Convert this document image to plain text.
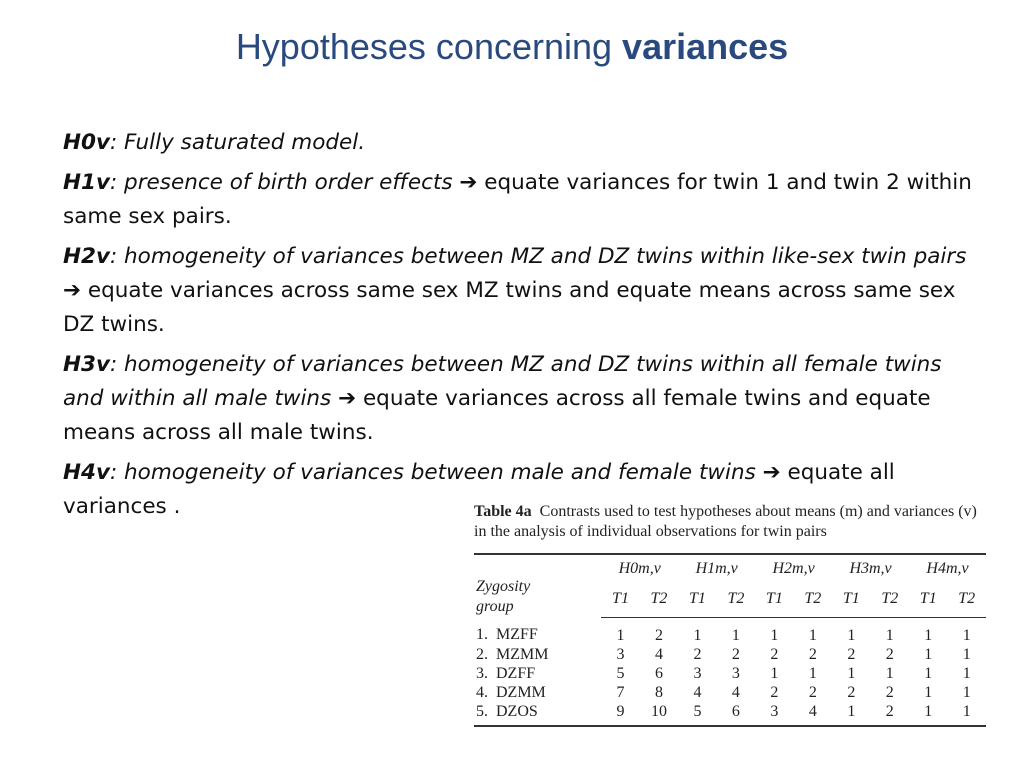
Hypotheses concerning variances

H0v: Fully saturated model.

H1v: presence of birth order effects ➔ equate variances for twin 1 and twin 2 within same sex pairs.

H2v: homogeneity of variances between MZ and DZ twins within like-sex twin pairs ➔ equate variances across same sex MZ twins and equate means across same sex DZ twins.

H3v: homogeneity of variances between MZ and DZ twins within all female twins and within all male twins ➔ equate variances across all female twins and equate means across all male twins.

H4v: homogeneity of variances between male and female twins ➔ equate all variances .	Table 4a Contrasts used to test hypotheses about means (m) and variances (v) in the analysis of individual observations for twin pairs
Zygosity
group	H0m,v		H1m,v		H2m,v		H3m,v		H4m,v	
	T1	T2	T1	T2	T1	T2	T1	T2	T1	T2
1.  MZFF	1	2	1	1	1	1	1	1	1	1
2.  MZMM	3	4	2	2	2	2	2	2	1	1
3.  DZFF	5	6	3	3	1	1	1	1	1	1
4.  DZMM	7	8	4	4	2	2	2	2	1	1
5.  DZOS	9	10	5	6	3	4	1	2	1	1
